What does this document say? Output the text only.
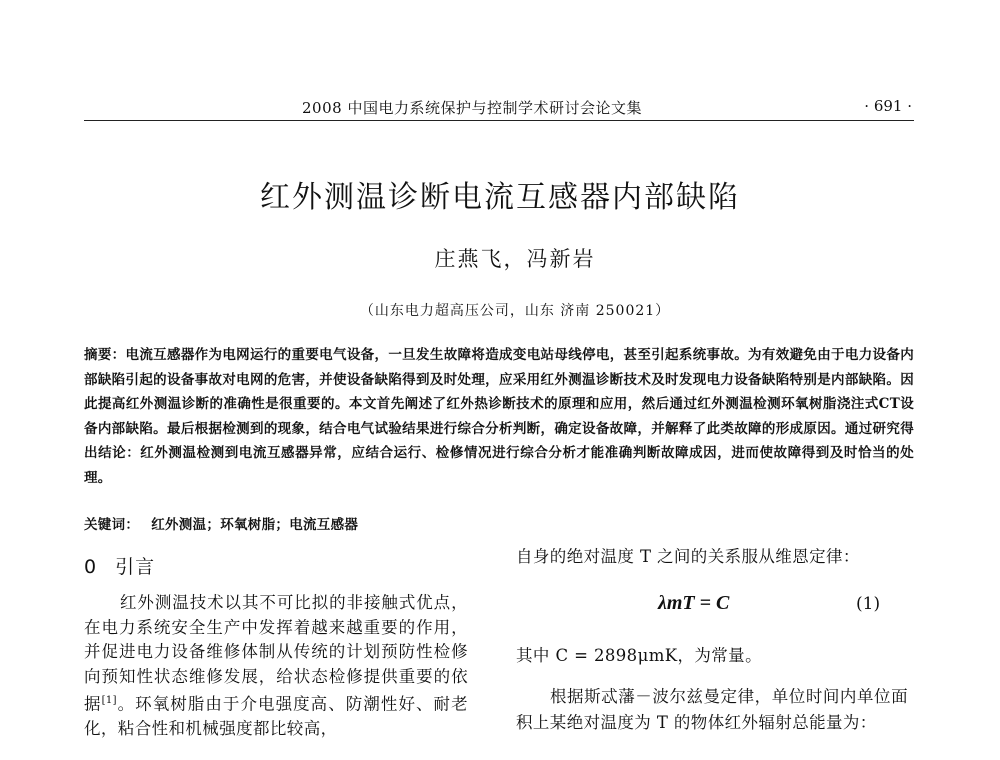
2008 中国电力系统保护与控制学术研讨会论文集	· 691 ·
红外测温诊断电流互感器内部缺陷
庄燕飞，冯新岩
（山东电力超高压公司，山东 济南 250021）

摘要：电流互感器作为电网运行的重要电气设备，一旦发生故障将造成变电站母线停电，甚至引起系统事故。为有效避免由于电力设备内部缺陷引起的设备事故对电网的危害，并使设备缺陷得到及时处理，应采用红外测温诊断技术及时发现电力设备缺陷特别是内部缺陷。因此提高红外测温诊断的准确性是很重要的。本文首先阐述了红外热诊断技术的原理和应用，然后通过红外测温检测环氧树脂浇注式CT设备内部缺陷。最后根据检测到的现象，结合电气试验结果进行综合分析判断，确定设备故障，并解释了此类故障的形成原因。通过研究得出结论：红外测温检测到电流互感器异常，应结合运行、检修情况进行综合分析才能准确判断故障成因，进而使故障得到及时恰当的处理。

关键词： 红外测温；环氧树脂；电流互感器
0 引言

红外测温技术以其不可比拟的非接触式优点，在电力系统安全生产中发挥着越来越重要的作用，并促进电力设备维修体制从传统的计划预防性检修向预知性状态维修发展，给状态检修提供重要的依据[1]。环氧树脂由于介电强度高、防潮性好、耐老化，粘合性和机械强度都比较高，

自身的绝对温度 T 之间的关系服从维恩定律：
λmT = C	(1)
其中 C = 2898μmK，为常量。

根据斯忒藩－波尔兹曼定律，单位时间内单位面积上某绝对温度为 T 的物体红外辐射总能量为：
